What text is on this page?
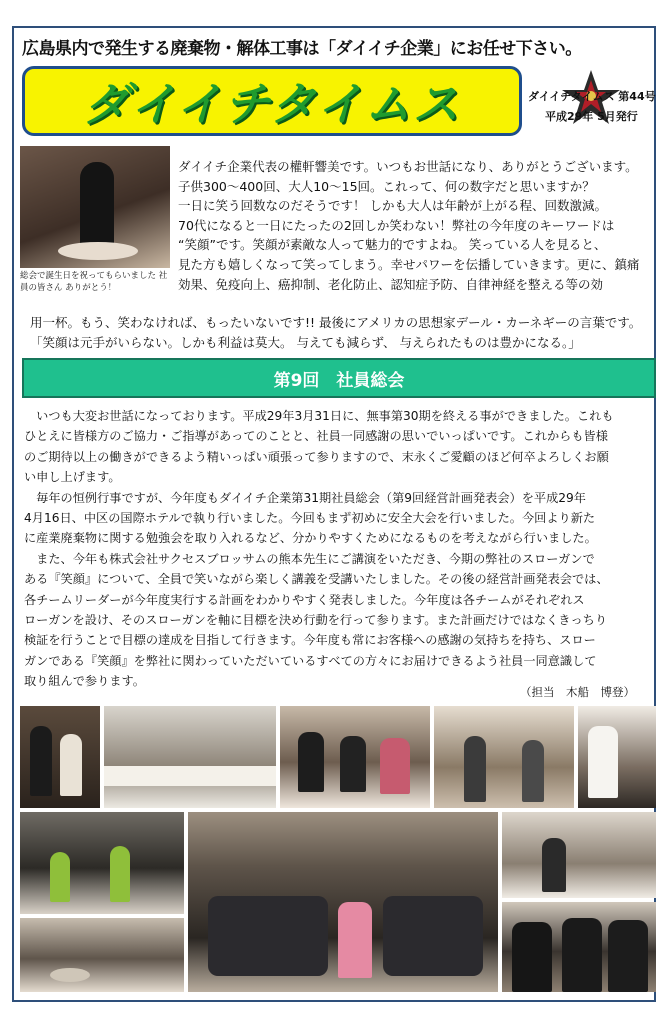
広島県内で発生する廃棄物・解体工事は「ダイイチ企業」にお任せ下さい。
ダイイチタイムス	ダイイチタイムス 第44号
平成29年 5月発行
総会で誕生日を祝ってもらいました 社員の皆さん ありがとう！
ダイイチ企業代表の權軒響美です。いつもお世話になり、ありがとうございます。
子供300～400回、大人10～15回。これって、何の数字だと思いますか？
一日に笑う回数なのだそうです！ しかも大人は年齢が上がる程、回数激減。
70代になると一日にたったの2回しか笑わない！弊社の今年度のキーワードは
“笑顔”です。笑顔が素敵な人って魅力的ですよね。 笑っている人を見ると、
見た方も嬉しくなって笑ってしまう。幸せパワーを伝播していきます。更に、鎮痛
効果、免疫向上、癌抑制、老化防止、認知症予防、自律神経を整える等の効
用一杯。もう、笑わなければ、もったいないです!! 最後にアメリカの思想家デール・カーネギーの言葉です。
「笑顔は元手がいらない。しかも利益は莫大。 与えても減らず、 与えられたものは豊かになる。」
第9回　社員総会

　いつも大変お世話になっております。平成29年3月31日に、無事第30期を終える事ができました。これも
ひとえに皆様方のご協力・ご指導があってのことと、社員一同感謝の思いでいっぱいです。これからも皆様
のご期待以上の働きができるよう精いっぱい頑張って参りますので、末永くご愛顧のほど何卒よろしくお願
い申し上げます。

　毎年の恒例行事ですが、今年度もダイイチ企業第31期社員総会（第9回経営計画発表会）を平成29年
4月16日、中区の国際ホテルで執り行いました。今回もまず初めに安全大会を行いました。今回より新た
に産業廃棄物に関する勉強会を取り入れるなど、分かりやすくためになるものを考えながら行いました。

　また、今年も株式会社サクセスブロッサムの熊本先生にご講演をいただき、今期の弊社のスローガンで
ある『笑顔』について、全員で笑いながら楽しく講義を受講いたしました。その後の経営計画発表会では、
各チームリーダーが今年度実行する計画をわかりやすく発表しました。今年度は各チームがそれぞれス
ローガンを設け、そのスローガンを軸に目標を決め行動を行って参ります。また計画だけではなくきっちり
検証を行うことで目標の達成を目指して行きます。今年度も常にお客様への感謝の気持ちを持ち、スロー
ガンである『笑顔』を弊社に関わっていただいているすべての方々にお届けできるよう社員一同意識して
取り組んで参ります。

（担当　木船　博登）
